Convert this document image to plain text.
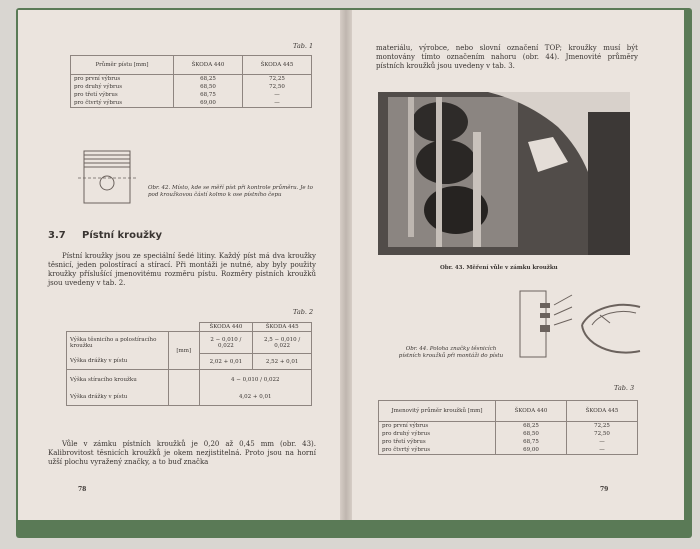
Tab. 1
Průměr pístu [mm]	ŠKODA 440	ŠKODA 445
pro první výbrus	68,25	72,25
pro druhý výbrus	68,50	72,50
pro třetí výbrus	68,75	—
pro čtvrtý výbrus	69,00	—
Obr. 42. Místo, kde se měří píst při kontrole průměru. Je to pod kroužkovou částí kolmo k ose pístního čepu
3.7 Pístní kroužky
Pístní kroužky jsou ze speciální šedé litiny. Každý píst má dva kroužky těsnicí, jeden polostírací a stírací. Při montáži je nutné, aby byly použity kroužky příslušící jmenovitému rozměru pístu. Rozměry pístních kroužků jsou uvedeny v tab. 2.
Tab. 2
		ŠKODA 440	ŠKODA 445
Výška těsnicího a polostíracího kroužku	[mm]	2 − 0,010 / 0,022	2,5 − 0,010 / 0,022
Výška drážky v pístu		2,02 + 0,01	2,52 + 0,01
Výška stíracího kroužku		4 − 0,010 / 0,022	
Výška drážky v pístu		4,02 + 0,01	
Vůle v zámku pístních kroužků je 0,20 až 0,45 mm (obr. 43). Kalibrovitost těsnicích kroužků je okem nezjistitelná. Proto jsou na horní užší plochu vyražený značky, a to buď značka
78
materiálu, výrobce, nebo slovní označení TOP; kroužky musí být montovány tímto označením nahoru (obr. 44). Jmenovité průměry pístních kroužků jsou uvedeny v tab. 3.
Obr. 43. Měření vůle v zámku kroužku
Obr. 44. Poloha značky těsnicích pístních kroužků při montáži do pístu
Tab. 3
Jmenovitý průměr kroužků [mm]	ŠKODA 440	ŠKODA 445
pro první výbrus	68,25	72,25
pro druhý výbrus	68,50	72,50
pro třetí výbrus	68,75	—
pro čtvrtý výbrus	69,00	—
79
